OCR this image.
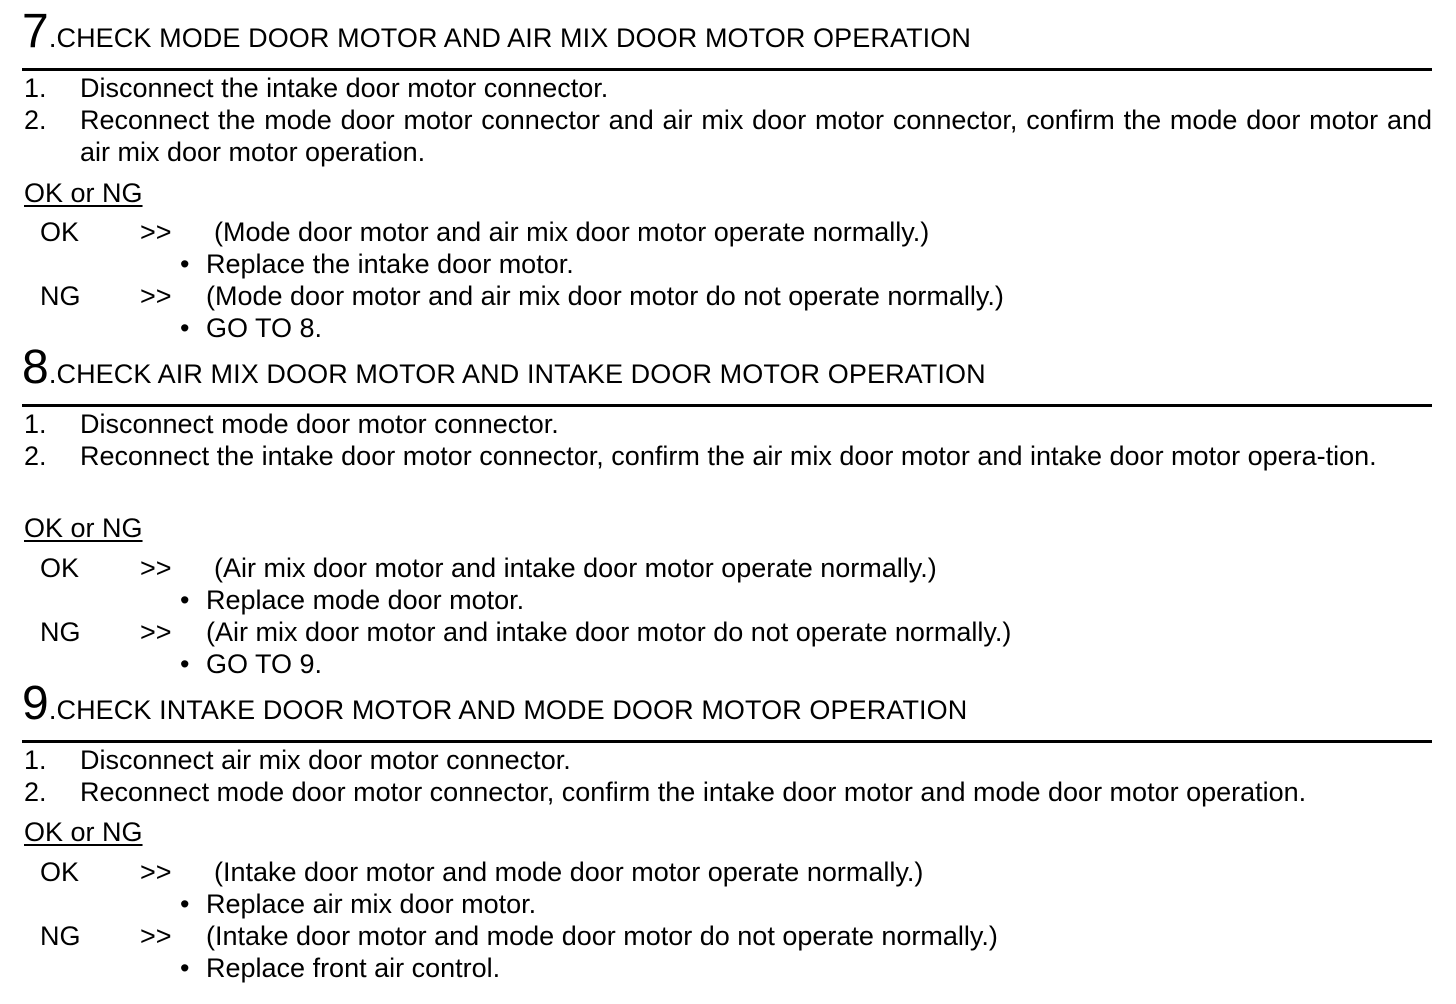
7.CHECK MODE DOOR MOTOR AND AIR MIX DOOR MOTOR OPERATION
1. Disconnect the intake door motor connector.
2. Reconnect the mode door motor connector and air mix door motor connector, confirm the mode door motor and air mix door motor operation.
OK or NG
OK >> (Mode door motor and air mix door motor operate normally.)
• Replace the intake door motor.
NG >> (Mode door motor and air mix door motor do not operate normally.)
• GO TO 8.
8.CHECK AIR MIX DOOR MOTOR AND INTAKE DOOR MOTOR OPERATION
1. Disconnect mode door motor connector.
2. Reconnect the intake door motor connector, confirm the air mix door motor and intake door motor opera-tion.
OK or NG
OK >> (Air mix door motor and intake door motor operate normally.)
• Replace mode door motor.
NG >> (Air mix door motor and intake door motor do not operate normally.)
• GO TO 9.
9.CHECK INTAKE DOOR MOTOR AND MODE DOOR MOTOR OPERATION
1. Disconnect air mix door motor connector.
2. Reconnect mode door motor connector, confirm the intake door motor and mode door motor operation.
OK or NG
OK >> (Intake door motor and mode door motor operate normally.)
• Replace air mix door motor.
NG >> (Intake door motor and mode door motor do not operate normally.)
• Replace front air control.
